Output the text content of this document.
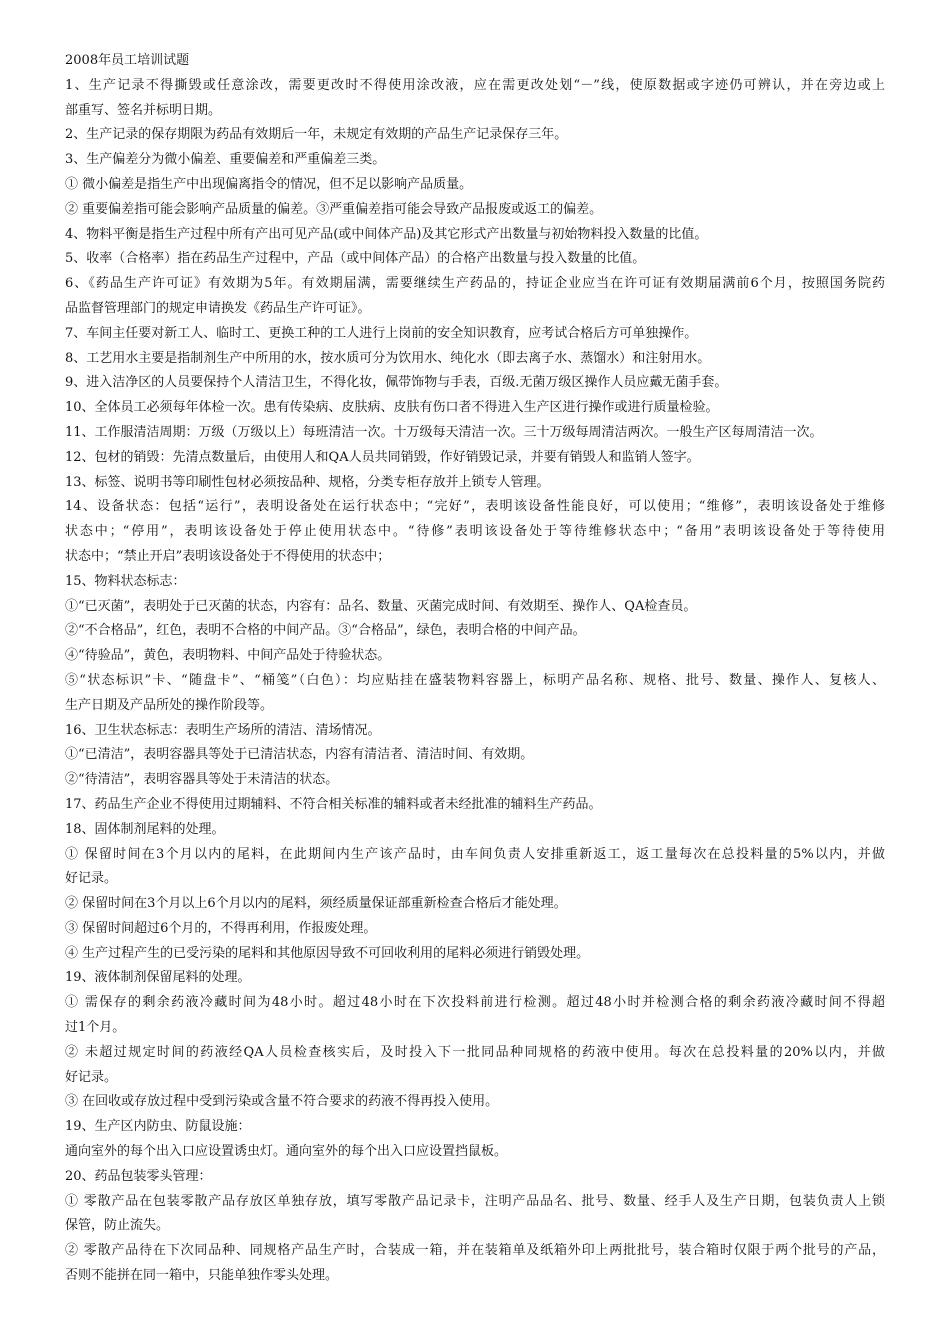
2008年员工培训试题
1、生产记录不得撕毁或任意涂改，需要更改时不得使用涂改液，应在需更改处划“－”线，使原数据或字迹仍可辨认，并在旁边或上
部重写、签名并标明日期。
2、生产记录的保存期限为药品有效期后一年，未规定有效期的产品生产记录保存三年。
3、生产偏差分为微小偏差、重要偏差和严重偏差三类。
① 微小偏差是指生产中出现偏离指令的情况，但不足以影响产品质量。
② 重要偏差指可能会影响产品质量的偏差。③严重偏差指可能会导致产品报废或返工的偏差。
4、物料平衡是指生产过程中所有产出可见产品(或中间体产品)及其它形式产出数量与初始物料投入数量的比值。
5、收率（合格率）指在药品生产过程中，产品（或中间体产品）的合格产出数量与投入数量的比值。
6、《药品生产许可证》有效期为5年。有效期届满，需要继续生产药品的，持证企业应当在许可证有效期届满前6个月，按照国务院药
品监督管理部门的规定申请换发《药品生产许可证》。
7、车间主任要对新工人、临时工、更换工种的工人进行上岗前的安全知识教育，应考试合格后方可单独操作。
8、工艺用水主要是指制剂生产中所用的水，按水质可分为饮用水、纯化水（即去离子水、蒸馏水）和注射用水。
9、进入洁净区的人员要保持个人清洁卫生，不得化妆，佩带饰物与手表，百级.无菌万级区操作人员应戴无菌手套。
10、全体员工必须每年体检一次。患有传染病、皮肤病、皮肤有伤口者不得进入生产区进行操作或进行质量检验。
11、工作服清洁周期：万级（万级以上）每班清洁一次。十万级每天清洁一次。三十万级每周清洁两次。一般生产区每周清洁一次。
12、包材的销毁：先清点数量后，由使用人和QA人员共同销毁，作好销毁记录，并要有销毁人和监销人签字。
13、标签、说明书等印刷性包材必须按品种、规格，分类专柜存放并上锁专人管理。
14、设备状态：包括“运行”，表明设备处在运行状态中；“完好”，表明该设备性能良好，可以使用；“维修”，表明该设备处于维修
状态中；“停用”，表明该设备处于停止使用状态中。“待修”表明该设备处于等待维修状态中；“备用”表明该设备处于等待使用
状态中；“禁止开启”表明该设备处于不得使用的状态中；
15、物料状态标志：
①“已灭菌”，表明处于已灭菌的状态，内容有：品名、数量、灭菌完成时间、有效期至、操作人、QA检查员。
②“不合格品”，红色，表明不合格的中间产品。③“合格品”，绿色，表明合格的中间产品。
④“待验品”，黄色，表明物料、中间产品处于待验状态。
⑤“状态标识”卡、“随盘卡”、“桶笺”（白色）：均应贴挂在盛装物料容器上，标明产品名称、规格、批号、数量、操作人、复核人、
生产日期及产品所处的操作阶段等。
16、卫生状态标志：表明生产场所的清洁、清场情况。
①“已清洁”，表明容器具等处于已清洁状态，内容有清洁者、清洁时间、有效期。
②“待清洁”，表明容器具等处于未清洁的状态。
17、药品生产企业不得使用过期辅料、不符合相关标准的辅料或者未经批准的辅料生产药品。
18、固体制剂尾料的处理。
① 保留时间在3个月以内的尾料，在此期间内生产该产品时，由车间负责人安排重新返工，返工量每次在总投料量的5%以内，并做
好记录。
② 保留时间在3个月以上6个月以内的尾料，须经质量保证部重新检查合格后才能处理。
③ 保留时间超过6个月的，不得再利用，作报废处理。
④ 生产过程产生的已受污染的尾料和其他原因导致不可回收利用的尾料必须进行销毁处理。
19、液体制剂保留尾料的处理。
① 需保存的剩余药液冷藏时间为48小时。超过48小时在下次投料前进行检测。超过48小时并检测合格的剩余药液冷藏时间不得超
过1个月。
② 未超过规定时间的药液经QA人员检查核实后，及时投入下一批同品种同规格的药液中使用。每次在总投料量的20%以内，并做
好记录。
③ 在回收或存放过程中受到污染或含量不符合要求的药液不得再投入使用。
19、生产区内防虫、防鼠设施：
通向室外的每个出入口应设置诱虫灯。通向室外的每个出入口应设置挡鼠板。
20、药品包装零头管理：
① 零散产品在包装零散产品存放区单独存放，填写零散产品记录卡，注明产品品名、批号、数量、经手人及生产日期，包装负责人上锁
保管，防止流失。
② 零散产品待在下次同品种、同规格产品生产时，合装成一箱，并在装箱单及纸箱外印上两批批号，装合箱时仅限于两个批号的产品，
否则不能拼在同一箱中，只能单独作零头处理。
